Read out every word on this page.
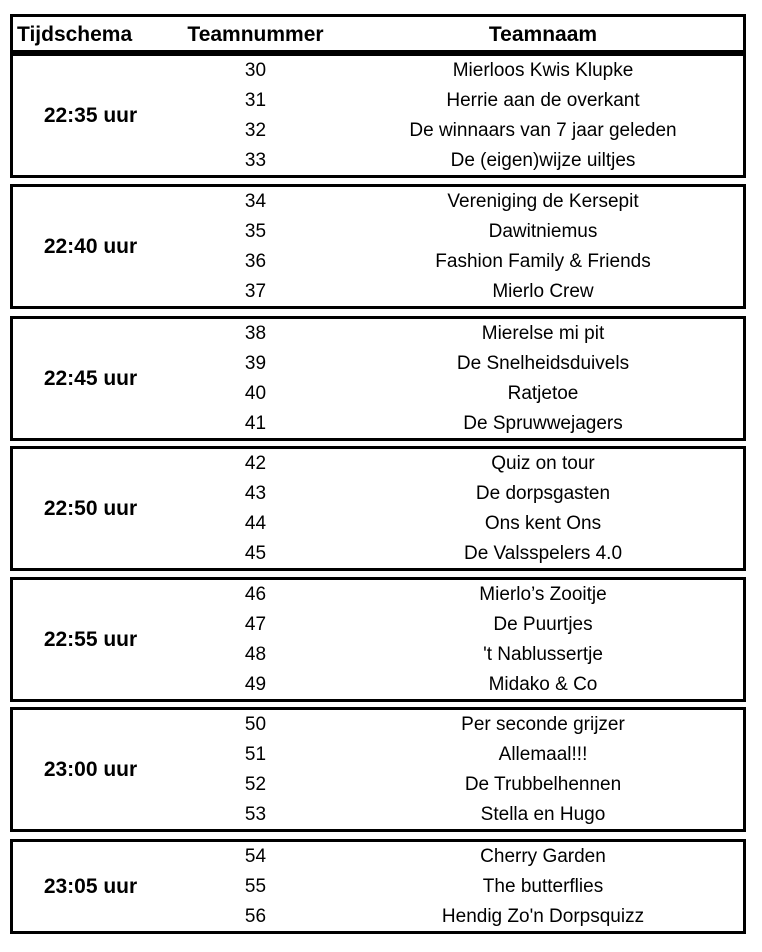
Tijdschema	Teamnummer	Teamnaam
22:35 uur
30	Mierloos Kwis Klupke
31	Herrie aan de overkant
32	De winnaars van 7 jaar geleden
33	De (eigen)wijze uiltjes
22:40 uur
34	Vereniging de Kersepit
35	Dawitniemus
36	Fashion Family & Friends
37	Mierlo Crew
22:45 uur
38	Mierelse mi pit
39	De Snelheidsduivels
40	Ratjetoe
41	De Spruwwejagers
22:50 uur
42	Quiz on tour
43	De dorpsgasten
44	Ons kent Ons
45	De Valsspelers 4.0
22:55 uur
46	Mierlo’s Zooitje
47	De Puurtjes
48	't Nablussertje
49	Midako & Co
23:00 uur
50	Per seconde grijzer
51	Allemaal!!!
52	De Trubbelhennen
53	Stella en Hugo
23:05 uur
54	Cherry Garden
55	The butterflies
56	Hendig Zo'n Dorpsquizz
